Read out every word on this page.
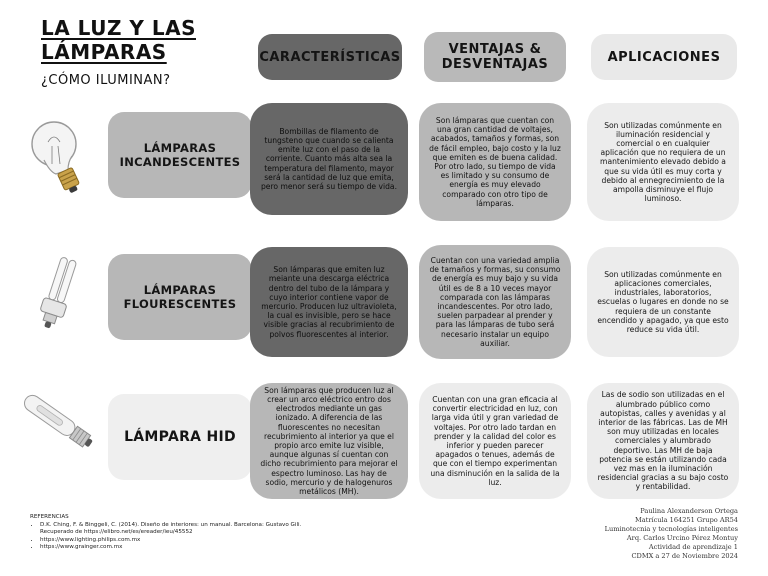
LA LUZ Y LAS
LÁMPARAS
¿CÓMO ILUMINAN?
CARACTERÍSTICAS	VENTAJAS & DESVENTAJAS	APLICACIONES
LÁMPARAS INCANDESCENTES
Bombillas de filamento de tungsteno que cuando se calienta emite luz con el paso de la corriente. Cuanto más alta sea la temperatura del filamento, mayor será la cantidad de luz que emita, pero menor será su tiempo de vida.
Son lámparas que cuentan con una gran cantidad de voltajes, acabados, tamaños y formas, son de fácil empleo, bajo costo y la luz que emiten es de buena calidad. Por otro lado, su tiempo de vida es limitado y su consumo de energía es muy elevado comparado con otro tipo de lámparas.
Son utilizadas comúnmente en iluminación residencial y comercial o en cualquier aplicación que no requiera de un mantenimiento elevado debido a que su vida útil es muy corta y debido al ennegrecimiento de la ampolla disminuye el flujo luminoso.
LÁMPARAS FLOURESCENTES
Son lámparas que emiten luz meiante una descarga eléctrica dentro del tubo de la lámpara y cuyo interior contiene vapor de mercurio. Producen luz ultravioleta, la cual es invisible, pero se hace visible gracias al recubrimiento de polvos fluorescentes al interior.
Cuentan con una variedad amplia de tamaños y formas, su consumo de energía es muy bajo y su vida útil es de 8 a 10 veces mayor comparada con las lámparas incandescentes. Por otro lado, suelen parpadear al prender y para las lámparas de tubo será necesario instalar un equipo auxiliar.
Son utilizadas comúnmente en aplicaciones comerciales, industriales, laboratorios, escuelas o lugares en donde no se requiera de un constante encendido y apagado, ya que esto reduce su vida útil.
LÁMPARA HID
Son lámparas que producen luz al crear un arco eléctrico entro dos electrodos mediante un gas ionizado. A diferencia de las fluorescentes no necesitan recubrimiento al interior ya que el propio arco emite luz visible, aunque algunas sí cuentan con dicho recubrimiento para mejorar el espectro luminoso. Las hay de sodio, mercurio y de halogenuros metálicos (MH).
Cuentan con una gran eficacia al convertir electricidad en luz, con larga vida útil y gran variedad de voltajes. Por otro lado tardan en prender y la calidad del color es inferior y pueden parecer apagados o tenues, además de que con el tiempo experimentan una disminución en la salida de la luz.
Las de sodio son utilizadas en el alumbrado público como autopistas, calles y avenidas y al interior de las fábricas. Las de MH son muy utilizadas en locales comerciales y alumbrado deportivo. Las MH de baja potencia se están utilizando cada vez mas en la iluminación residencial gracias a su bajo costo y rentabilidad.
REFERENCIAS
• D.K. Ching, F. & Binggeli, C. (2014). Diseño de interiores: un manual. Barcelona: Gustavo Gili. Recuperado de https://elibro.net/es/ereader/ieu/45552
• https://www.lighting.philips.com.mx
• https://www.grainger.com.mx
Paulina Alexanderson Ortega
Matrícula 164251 Grupo AR54
Luminotecnia y tecnologías inteligentes
Arq. Carlos Urcino Pérez Montuy
Actividad de aprendizaje 1
CDMX a 27 de Noviembre 2024
